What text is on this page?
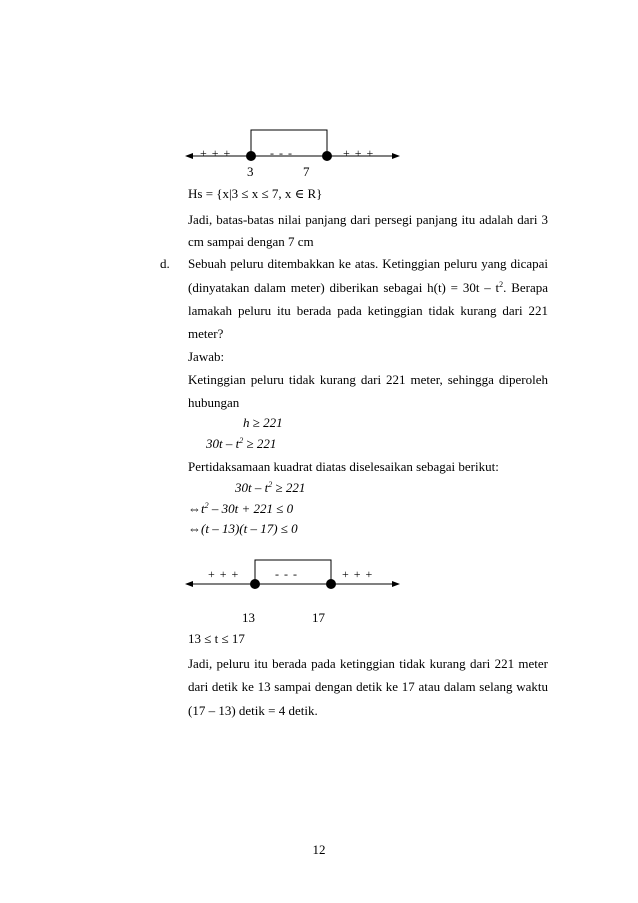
+ + +	- - -	+ + +
3	7
Hs = {x|3 ≤ x ≤ 7, x ∈ R}
Jadi, batas-batas nilai panjang dari persegi panjang itu adalah dari 3
cm sampai dengan 7 cm
d. Sebuah peluru ditembakkan ke atas. Ketinggian peluru yang dicapai
(dinyatakan dalam meter) diberikan sebagai $h(t) = 30t - t^2$. Berapa
lamakah peluru itu berada pada ketinggian tidak kurang dari 221
meter?
Jawab:
Ketinggian peluru tidak kurang dari 221 meter, sehingga diperoleh
hubungan
h ≥ 221
$30t - t^2 \ge 221$
Pertidaksamaan kuadrat diatas diselesaikan sebagai berikut:
$30t - t^2 \ge 221$
$\Leftrightarrow t^2 - 30t + 221 \le 0$
⇔(t – 13)(t – 17) ≤ 0
+ + +	- - -	+ + +
13	17
13 ≤ t ≤ 17
Jadi, peluru itu berada pada ketinggian tidak kurang dari 221 meter
dari detik ke 13 sampai dengan detik ke 17 atau dalam selang waktu
(17 – 13) detik = 4 detik.
12
